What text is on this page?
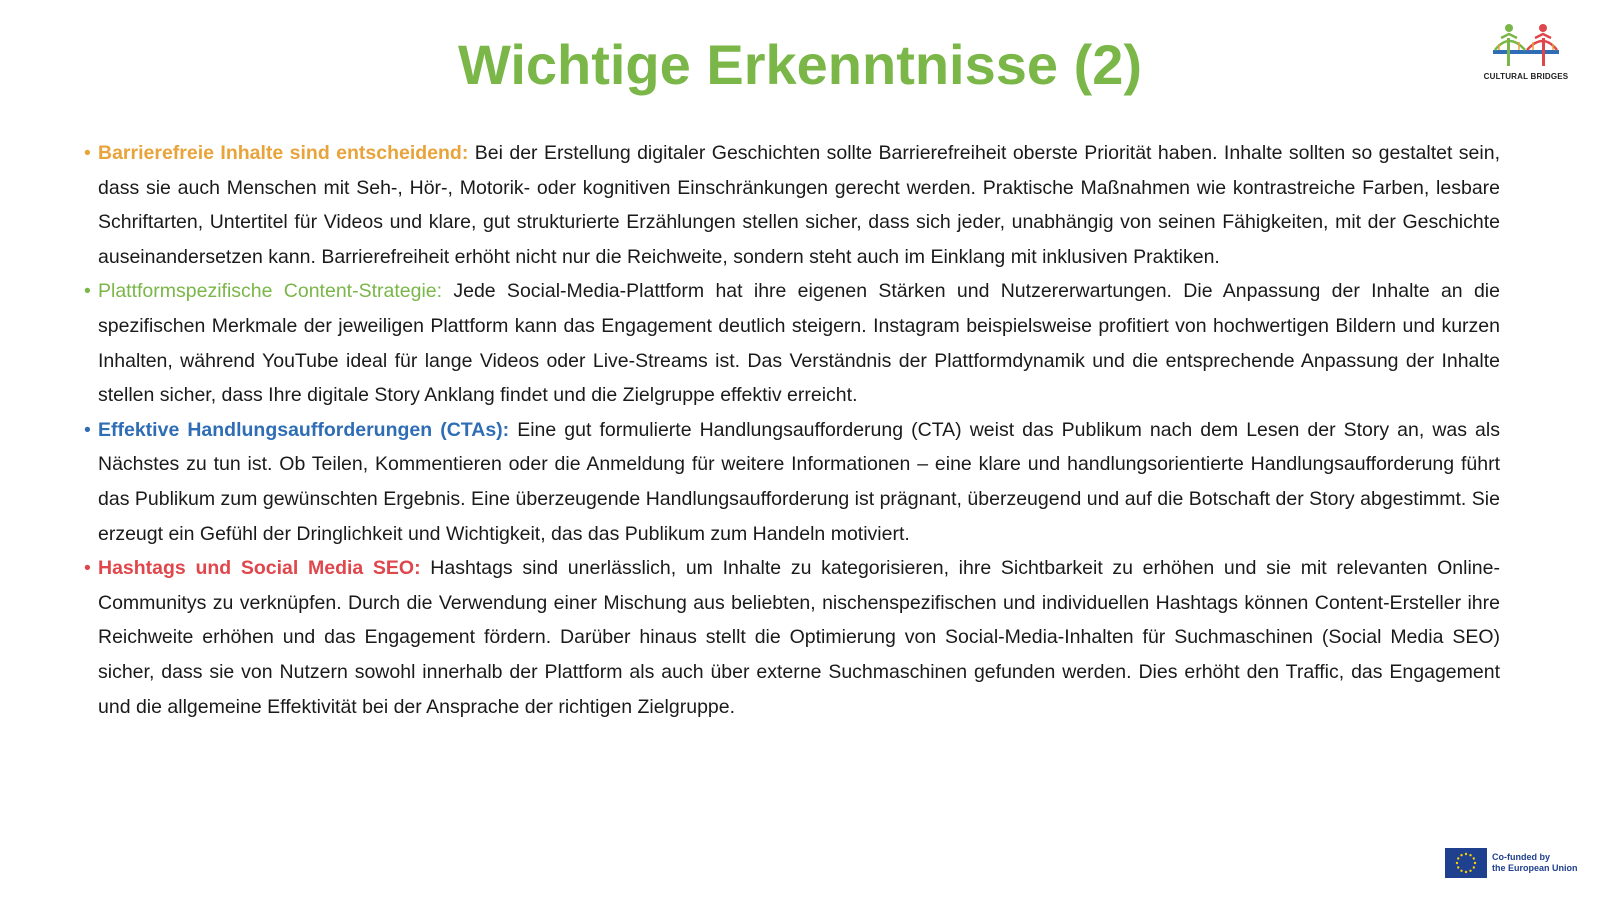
Wichtige Erkenntnisse (2)	CULTURAL BRIDGES
• Barrierefreie Inhalte sind entscheidend: Bei der Erstellung digitaler Geschichten sollte Barrierefreiheit oberste Priorität haben. Inhalte sollten so gestaltet sein, dass sie auch Menschen mit Seh-, Hör-, Motorik- oder kognitiven Einschränkungen gerecht werden. Praktische Maßnahmen wie kontrastreiche Farben, lesbare Schriftarten, Untertitel für Videos und klare, gut strukturierte Erzählungen stellen sicher, dass sich jeder, unabhängig von seinen Fähigkeiten, mit der Geschichte auseinandersetzen kann. Barrierefreiheit erhöht nicht nur die Reichweite, sondern steht auch im Einklang mit inklusiven Praktiken.
• Plattformspezifische Content-Strategie: Jede Social-Media-Plattform hat ihre eigenen Stärken und Nutzererwartungen. Die Anpassung der Inhalte an die spezifischen Merkmale der jeweiligen Plattform kann das Engagement deutlich steigern. Instagram beispielsweise profitiert von hochwertigen Bildern und kurzen Inhalten, während YouTube ideal für lange Videos oder Live-Streams ist. Das Verständnis der Plattformdynamik und die entsprechende Anpassung der Inhalte stellen sicher, dass Ihre digitale Story Anklang findet und die Zielgruppe effektiv erreicht.
• Effektive Handlungsaufforderungen (CTAs): Eine gut formulierte Handlungsaufforderung (CTA) weist das Publikum nach dem Lesen der Story an, was als Nächstes zu tun ist. Ob Teilen, Kommentieren oder die Anmeldung für weitere Informationen – eine klare und handlungsorientierte Handlungsaufforderung führt das Publikum zum gewünschten Ergebnis. Eine überzeugende Handlungsaufforderung ist prägnant, überzeugend und auf die Botschaft der Story abgestimmt. Sie erzeugt ein Gefühl der Dringlichkeit und Wichtigkeit, das das Publikum zum Handeln motiviert.
• Hashtags und Social Media SEO: Hashtags sind unerlässlich, um Inhalte zu kategorisieren, ihre Sichtbarkeit zu erhöhen und sie mit relevanten Online-Communitys zu verknüpfen. Durch die Verwendung einer Mischung aus beliebten, nischenspezifischen und individuellen Hashtags können Content-Ersteller ihre Reichweite erhöhen und das Engagement fördern. Darüber hinaus stellt die Optimierung von Social-Media-Inhalten für Suchmaschinen (Social Media SEO) sicher, dass sie von Nutzern sowohl innerhalb der Plattform als auch über externe Suchmaschinen gefunden werden. Dies erhöht den Traffic, das Engagement und die allgemeine Effektivität bei der Ansprache der richtigen Zielgruppe.
Co-funded by
the European Union
